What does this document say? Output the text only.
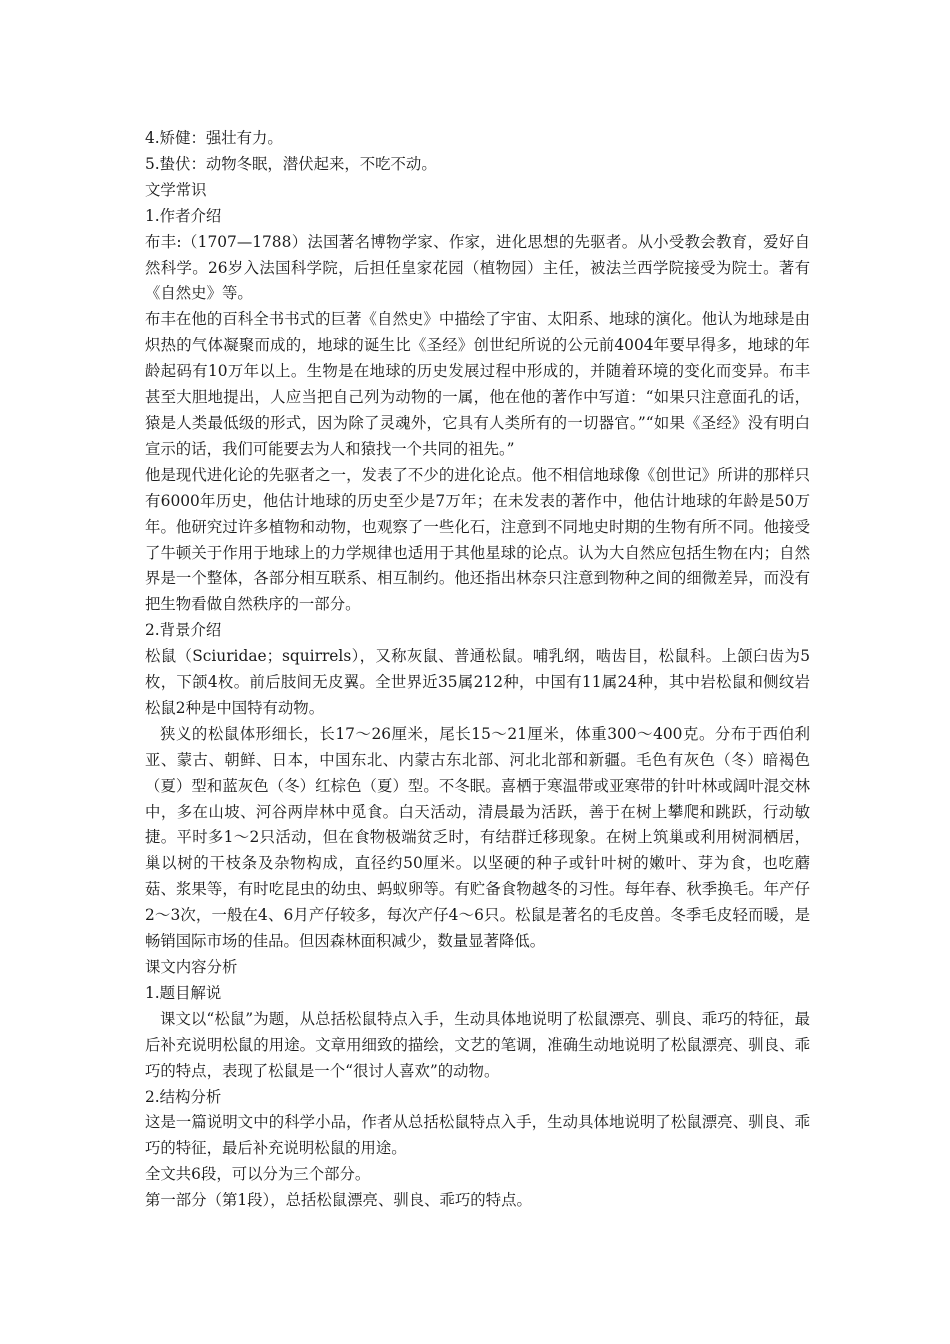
4.矫健：强壮有力。

5.蛰伏：动物冬眠，潜伏起来，不吃不动。

文学常识

1.作者介绍

布丰:（1707—1788）法国著名博物学家、作家，进化思想的先驱者。从小受教会教育，爱好自然科学。26岁入法国科学院，后担任皇家花园（植物园）主任，被法兰西学院接受为院士。著有《自然史》等。

布丰在他的百科全书书式的巨著《自然史》中描绘了宇宙、太阳系、地球的演化。他认为地球是由炽热的气体凝聚而成的，地球的诞生比《圣经》创世纪所说的公元前4004年要早得多，地球的年龄起码有10万年以上。生物是在地球的历史发展过程中形成的，并随着环境的变化而变异。布丰甚至大胆地提出，人应当把自己列为动物的一属，他在他的著作中写道：“如果只注意面孔的话，猿是人类最低级的形式，因为除了灵魂外，它具有人类所有的一切器官。”“如果《圣经》没有明白宣示的话，我们可能要去为人和猿找一个共同的祖先。”

他是现代进化论的先驱者之一，发表了不少的进化论点。他不相信地球像《创世记》所讲的那样只有6000年历史，他估计地球的历史至少是7万年；在未发表的著作中，他估计地球的年龄是50万年。他研究过许多植物和动物，也观察了一些化石，注意到不同地史时期的生物有所不同。他接受了牛顿关于作用于地球上的力学规律也适用于其他星球的论点。认为大自然应包括生物在内；自然界是一个整体，各部分相互联系、相互制约。他还指出林奈只注意到物种之间的细微差异，而没有把生物看做自然秩序的一部分。

2.背景介绍

松鼠（Sciuridae；squirrels），又称灰鼠、普通松鼠。哺乳纲，啮齿目，松鼠科。上颌臼齿为5枚，下颌4枚。前后肢间无皮翼。全世界近35属212种，中国有11属24种，其中岩松鼠和侧纹岩松鼠2种是中国特有动物。

狭义的松鼠体形细长，长17～26厘米，尾长15～21厘米，体重300～400克。分布于西伯利亚、蒙古、朝鲜、日本，中国东北、内蒙古东北部、河北北部和新疆。毛色有灰色（冬）暗褐色（夏）型和蓝灰色（冬）红棕色（夏）型。不冬眠。喜栖于寒温带或亚寒带的针叶林或阔叶混交林中，多在山坡、河谷两岸林中觅食。白天活动，清晨最为活跃，善于在树上攀爬和跳跃，行动敏捷。平时多1～2只活动，但在食物极端贫乏时，有结群迁移现象。在树上筑巢或利用树洞栖居，巢以树的干枝条及杂物构成，直径约50厘米。以坚硬的种子或针叶树的嫩叶、芽为食，也吃蘑菇、浆果等，有时吃昆虫的幼虫、蚂蚁卵等。有贮备食物越冬的习性。每年春、秋季换毛。年产仔2～3次，一般在4、6月产仔较多，每次产仔4～6只。松鼠是著名的毛皮兽。冬季毛皮轻而暖，是畅销国际市场的佳品。但因森林面积减少，数量显著降低。

课文内容分析

1.题目解说

课文以“松鼠”为题，从总括松鼠特点入手，生动具体地说明了松鼠漂亮、驯良、乖巧的特征，最后补充说明松鼠的用途。文章用细致的描绘，文艺的笔调，准确生动地说明了松鼠漂亮、驯良、乖巧的特点，表现了松鼠是一个“很讨人喜欢”的动物。

2.结构分析

这是一篇说明文中的科学小品，作者从总括松鼠特点入手，生动具体地说明了松鼠漂亮、驯良、乖巧的特征，最后补充说明松鼠的用途。

全文共6段，可以分为三个部分。

第一部分（第1段），总括松鼠漂亮、驯良、乖巧的特点。
